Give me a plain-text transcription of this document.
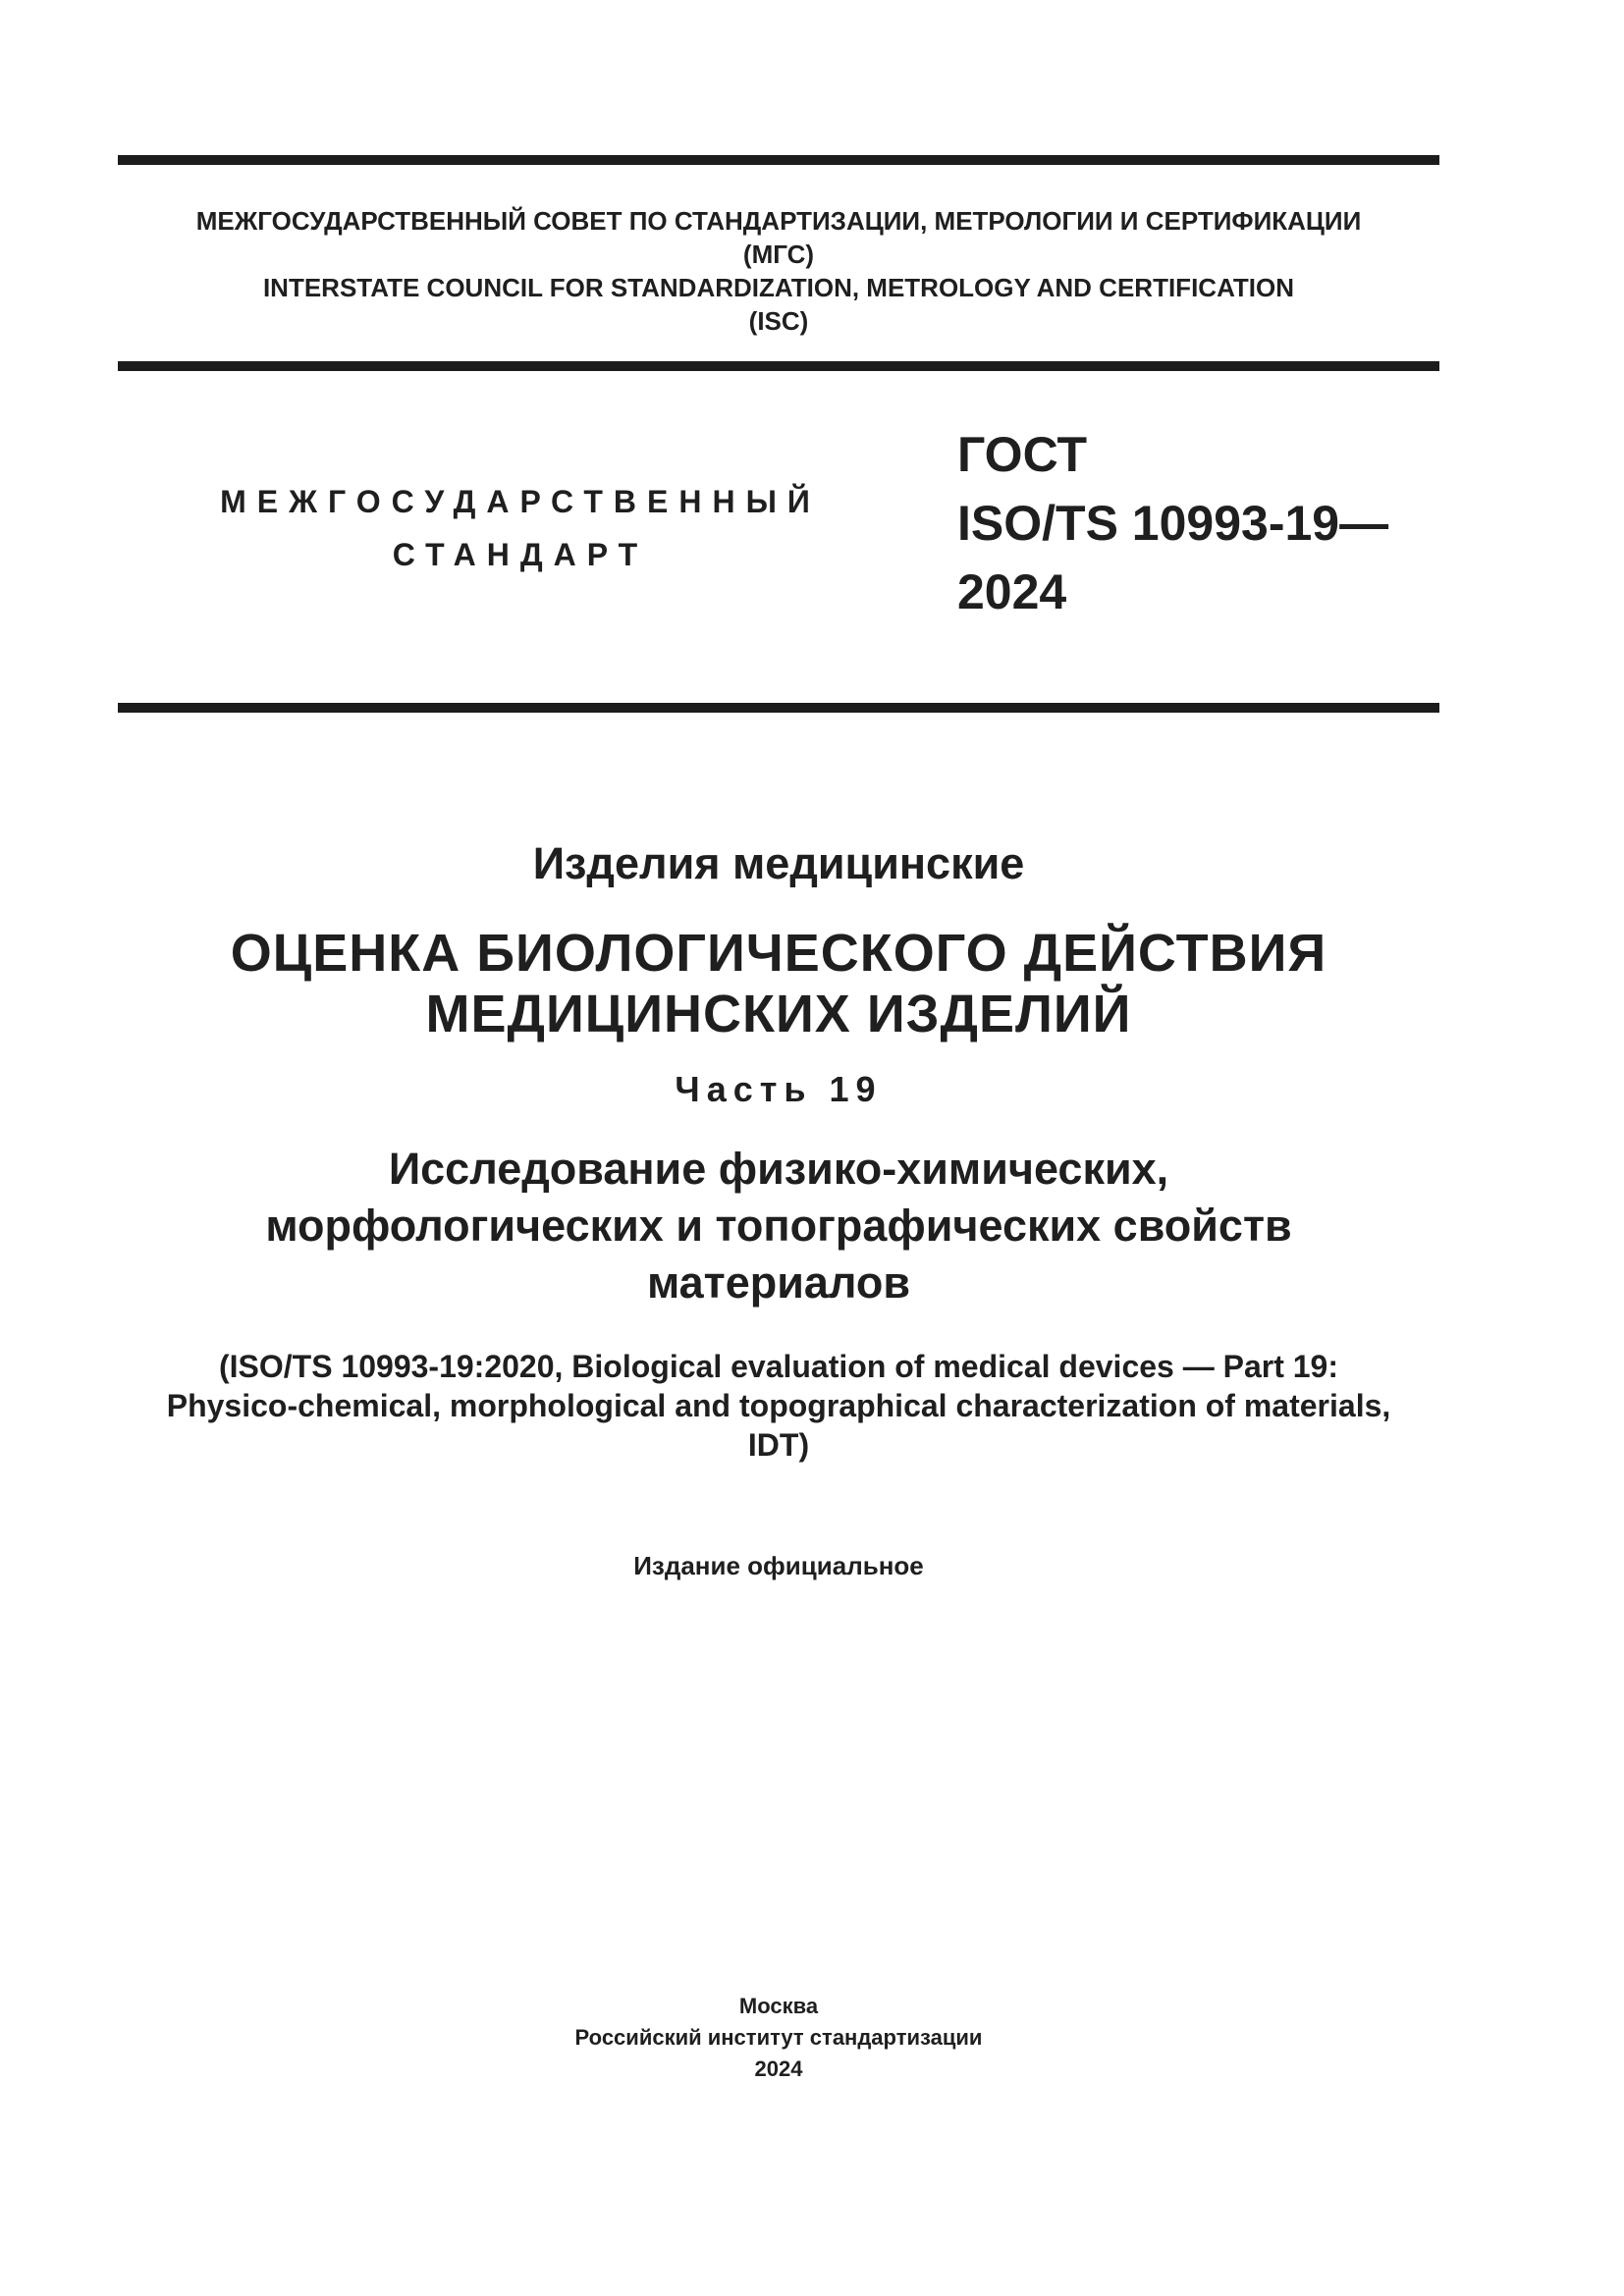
МЕЖГОСУДАРСТВЕННЫЙ СОВЕТ ПО СТАНДАРТИЗАЦИИ, МЕТРОЛОГИИ И СЕРТИФИКАЦИИ
(МГС)
INTERSTATE COUNCIL FOR STANDARDIZATION, METROLOGY AND CERTIFICATION
(ISC)
МЕЖГОСУДАРСТВЕННЫЙ
СТАНДАРТ
ГОСТ
ISO/TS 10993-19—
2024
Изделия медицинские
ОЦЕНКА БИОЛОГИЧЕСКОГО ДЕЙСТВИЯ
МЕДИЦИНСКИХ ИЗДЕЛИЙ
Часть 19
Исследование физико-химических,
морфологических и топографических свойств
материалов
(ISO/TS 10993-19:2020, Biological evaluation of medical devices — Part 19:
Physico-chemical, morphological and topographical characterization of materials,
IDT)
Издание официальное
Москва
Российский институт стандартизации
2024
